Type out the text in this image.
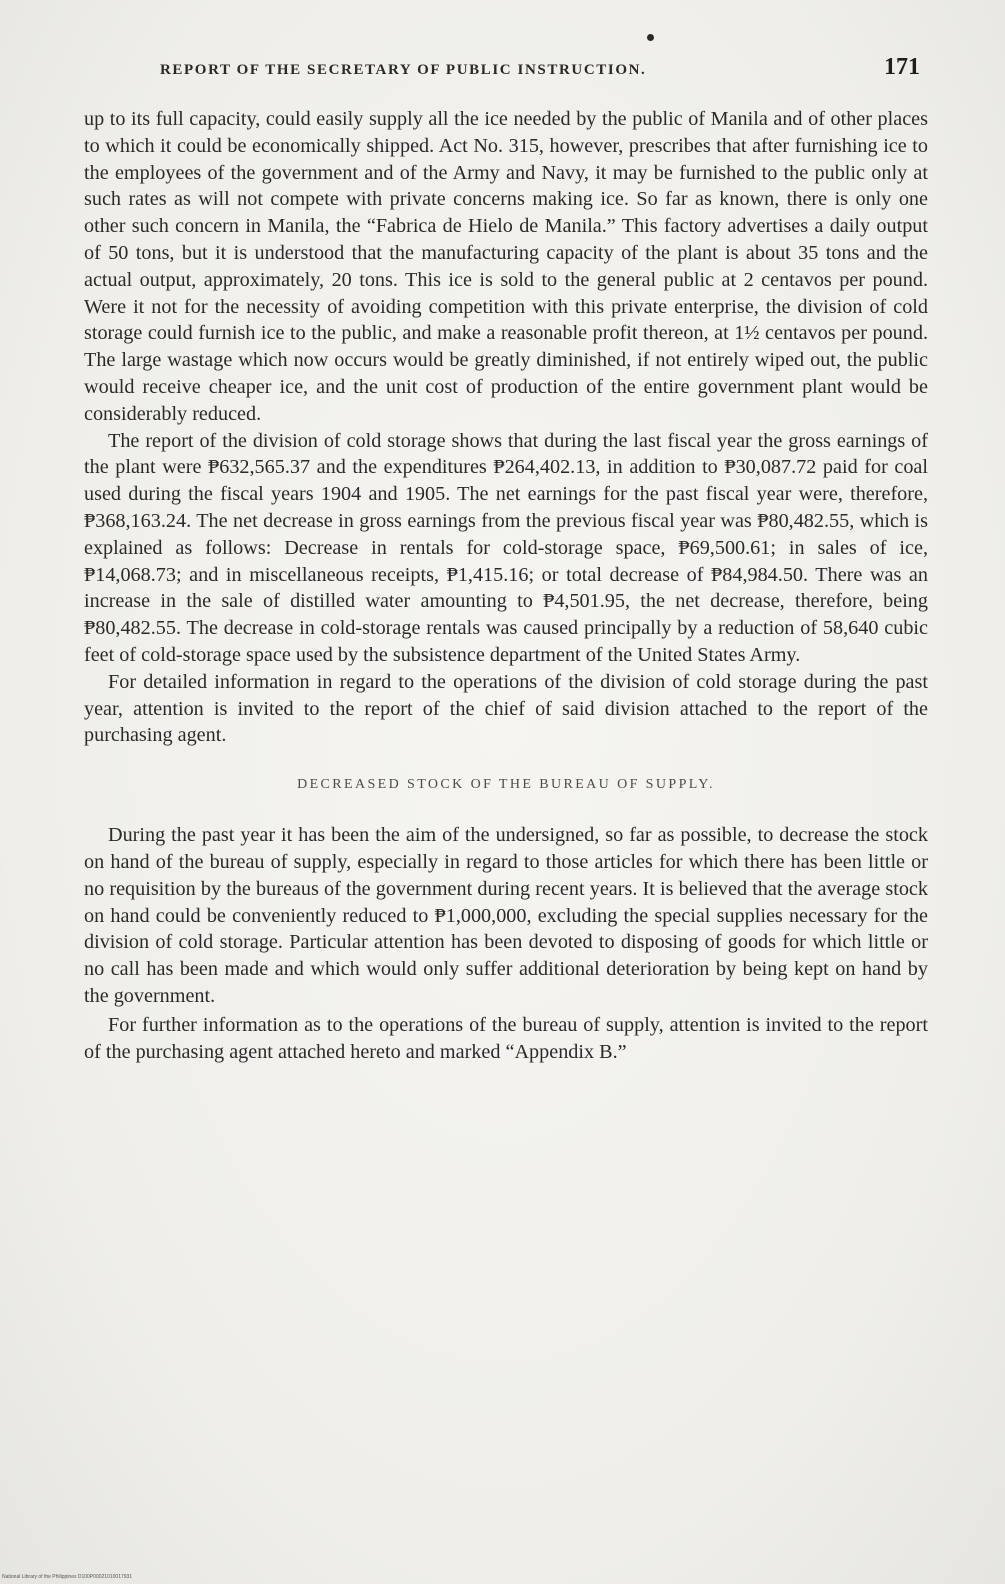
REPORT OF THE SECRETARY OF PUBLIC INSTRUCTION.	171

up to its full capacity, could easily supply all the ice needed by the public of Manila and of other places to which it could be economically shipped. Act No. 315, however, prescribes that after furnishing ice to the employees of the government and of the Army and Navy, it may be furnished to the public only at such rates as will not compete with private concerns making ice. So far as known, there is only one other such concern in Manila, the “Fabrica de Hielo de Manila.” This factory advertises a daily output of 50 tons, but it is understood that the manufacturing capacity of the plant is about 35 tons and the actual output, approximately, 20 tons. This ice is sold to the general public at 2 centavos per pound. Were it not for the necessity of avoiding competition with this private enterprise, the division of cold storage could furnish ice to the public, and make a reasonable profit thereon, at 1½ centavos per pound. The large wastage which now occurs would be greatly diminished, if not entirely wiped out, the public would receive cheaper ice, and the unit cost of production of the entire government plant would be considerably reduced.

The report of the division of cold storage shows that during the last fiscal year the gross earnings of the plant were ₱632,565.37 and the expenditures ₱264,402.13, in addition to ₱30,087.72 paid for coal used during the fiscal years 1904 and 1905. The net earnings for the past fiscal year were, therefore, ₱368,163.24. The net decrease in gross earnings from the previous fiscal year was ₱80,482.55, which is explained as follows: Decrease in rentals for cold-storage space, ₱69,500.61; in sales of ice, ₱14,068.73; and in miscellaneous receipts, ₱1,415.16; or total decrease of ₱84,984.50. There was an increase in the sale of distilled water amounting to ₱4,501.95, the net decrease, therefore, being ₱80,482.55. The decrease in cold-storage rentals was caused principally by a reduction of 58,640 cubic feet of cold-storage space used by the subsistence department of the United States Army.

For detailed information in regard to the operations of the division of cold storage during the past year, attention is invited to the report of the chief of said division attached to the report of the purchasing agent.

DECREASED STOCK OF THE BUREAU OF SUPPLY.

During the past year it has been the aim of the undersigned, so far as possible, to decrease the stock on hand of the bureau of supply, especially in regard to those articles for which there has been little or no requisition by the bureaus of the government during recent years. It is believed that the average stock on hand could be conveniently reduced to ₱1,000,000, excluding the special supplies necessary for the division of cold storage. Particular attention has been devoted to disposing of goods for which little or no call has been made and which would only suffer additional deterioration by being kept on hand by the government.

For further information as to the operations of the bureau of supply, attention is invited to the report of the purchasing agent attached hereto and marked “Appendix B.”

National Library of the Philippines D100P00021010017931
